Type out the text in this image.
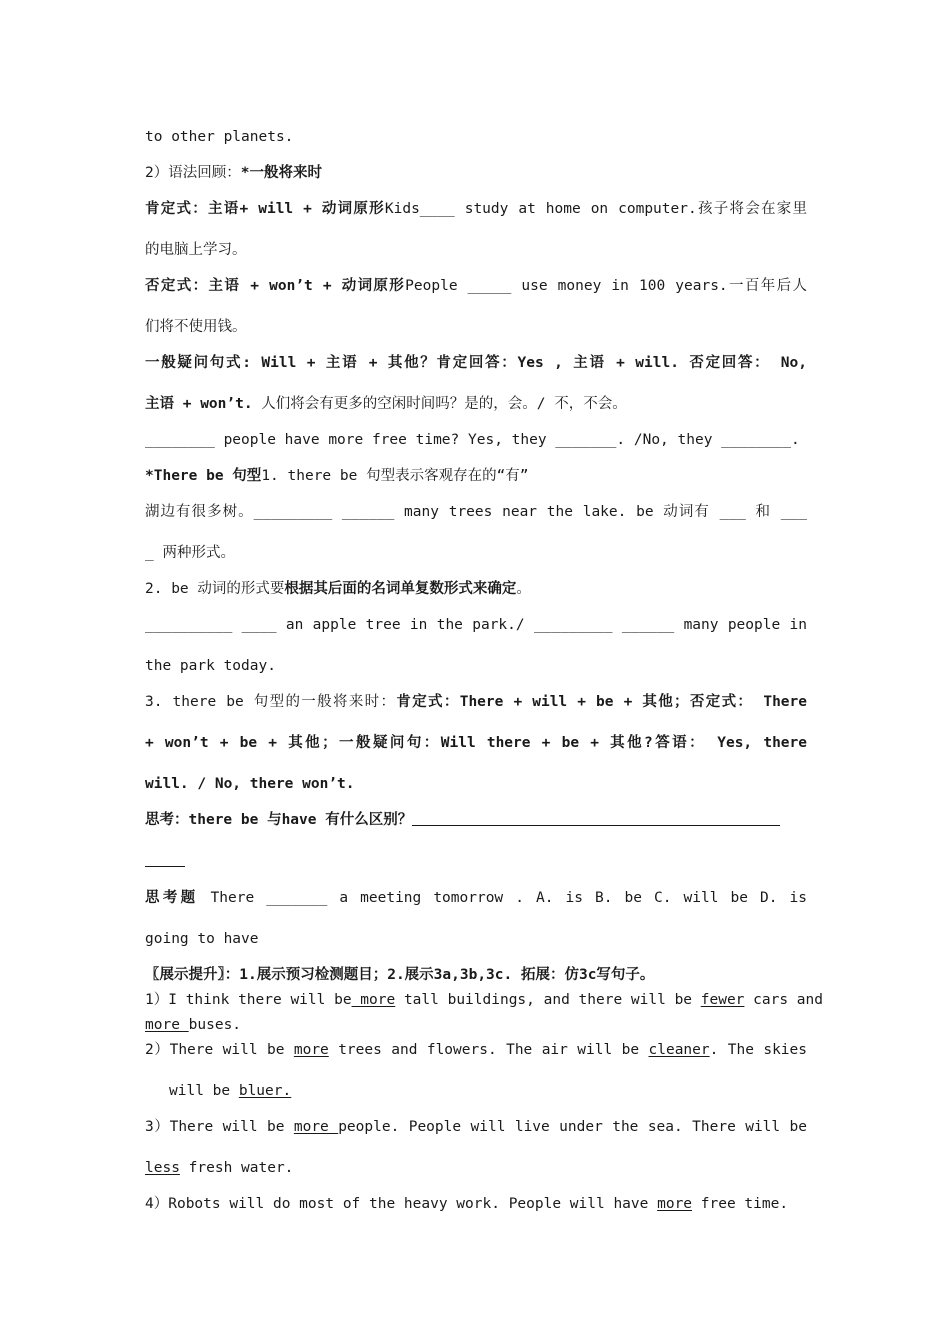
to other planets.
2）语法回顾：*一般将来时
肯定式：主语+ will + 动词原形Kids____ study at home on computer.孩子将会在家里
的电脑上学习。
否定式：主语 + won’t + 动词原形People _____ use money in 100 years.一百年后人
们将不使用钱。
一般疑问句式: Will + 主语 + 其他？肯定回答：Yes , 主语 + will. 否定回答： No,
主语 + won’t. 人们将会有更多的空闲时间吗？是的，会。/ 不，不会。
________ people have more free time? Yes, they _______. /No, they ________.
*There be 句型1. there be 句型表示客观存在的“有”
湖边有很多树。_________ ______ many trees near the lake. be 动词有 ___ 和 ___
_ 两种形式。
2. be 动词的形式要根据其后面的名词单复数形式来确定。
__________ ____ an apple tree in the park./ _________ ______ many people in
the park today.
3. there be 句型的一般将来时：肯定式：There + will + be + 其他；否定式： There
+ won’t + be + 其他；一般疑问句：Will there + be + 其他?答语： Yes, there
will. / No, there won’t.
思考：there be 与have 有什么区别？
思考题 There _______ a meeting tomorrow . A. is B. be C. will be D. is
going to have
〖展示提升〗：1.展示预习检测题目；2.展示3a,3b,3c. 拓展：仿3c写句子。
1）I think there will be more tall buildings, and there will be fewer cars and
more buses.
2）There will be more trees and flowers. The air will be cleaner. The skies
will be bluer.
3）There will be more people. People will live under the sea. There will be
less fresh water.
4）Robots will do most of the heavy work. People will have more free time.
